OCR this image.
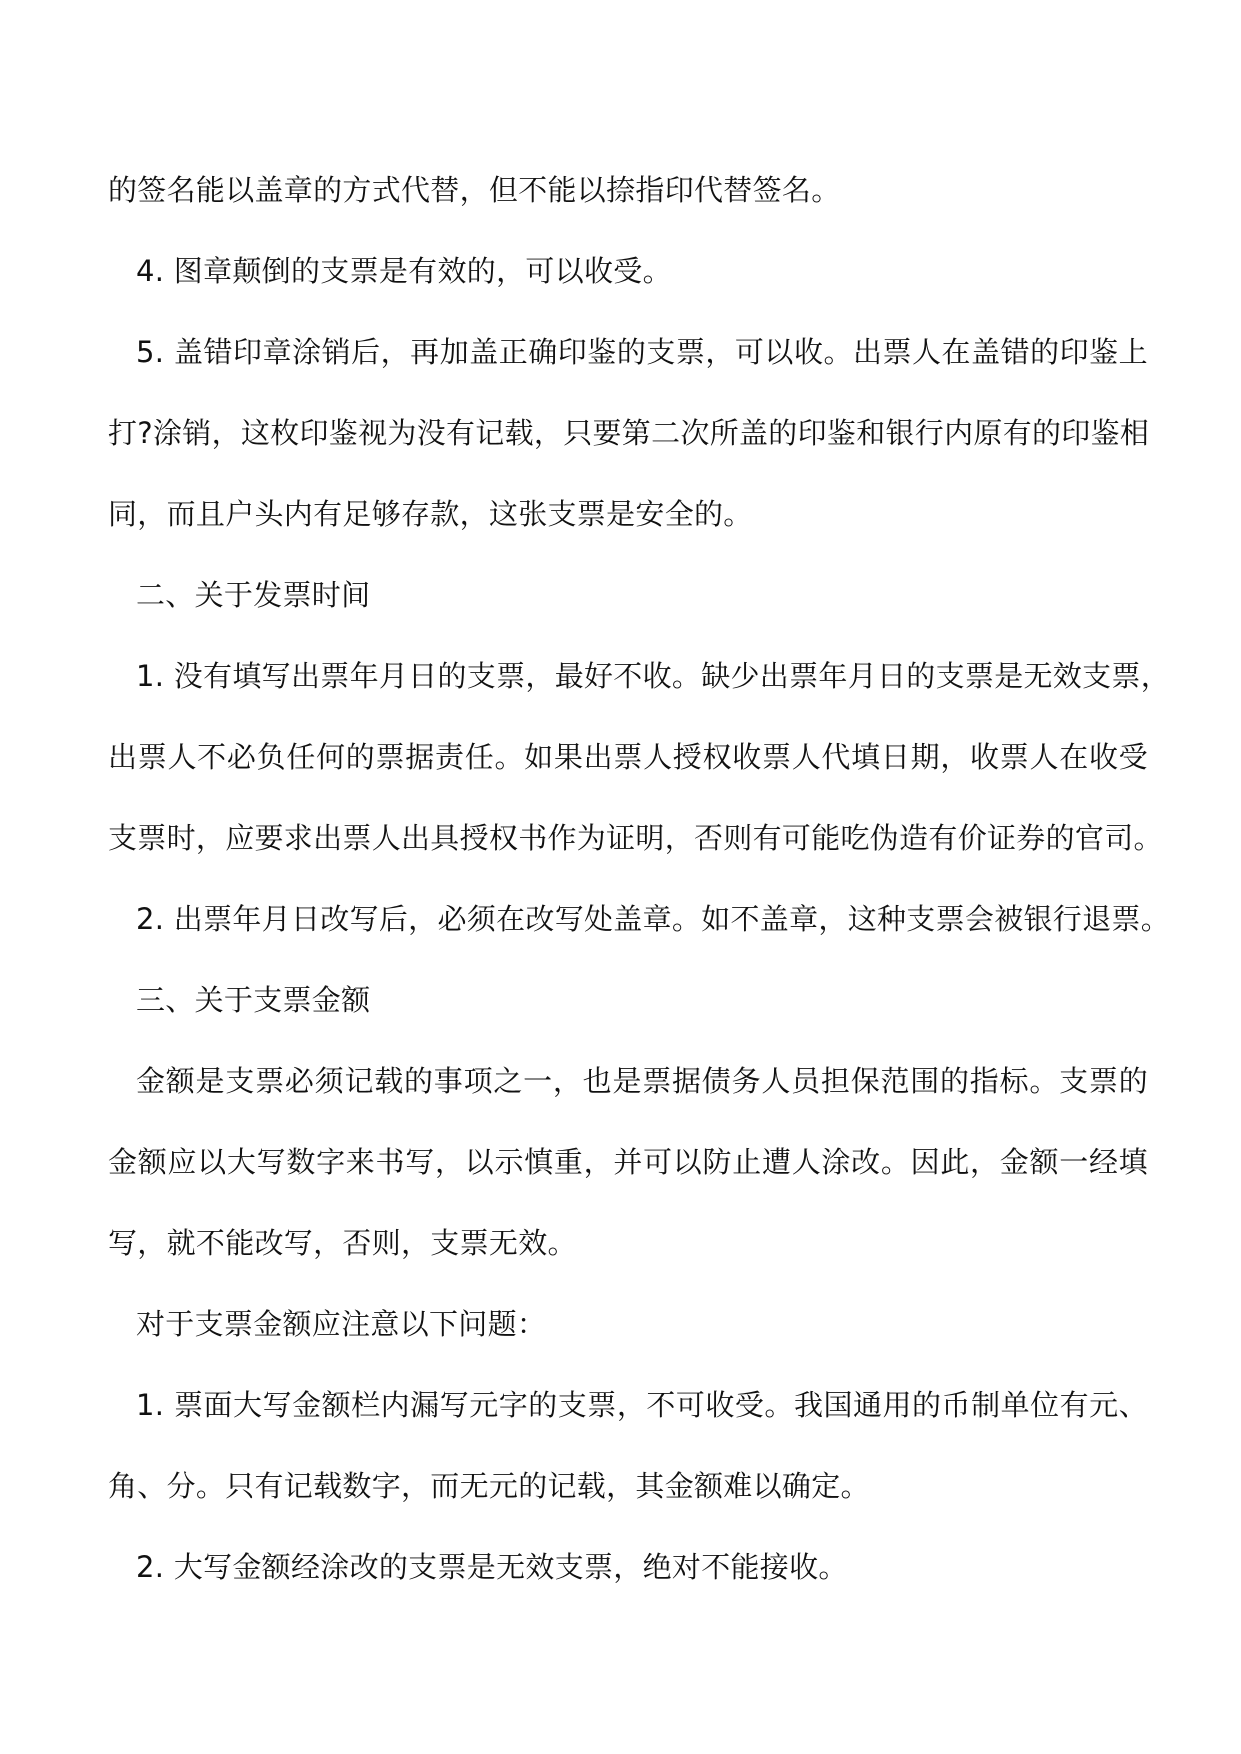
的签名能以盖章的方式代替，但不能以捺指印代替签名。
4. 图章颠倒的支票是有效的，可以收受。
5. 盖错印章涂销后，再加盖正确印鉴的支票，可以收。出票人在盖错的印鉴上
打?涂销，这枚印鉴视为没有记载，只要第二次所盖的印鉴和银行内原有的印鉴相
同，而且户头内有足够存款，这张支票是安全的。
二、关于发票时间
1. 没有填写出票年月日的支票，最好不收。缺少出票年月日的支票是无效支票，
出票人不必负任何的票据责任。如果出票人授权收票人代填日期，收票人在收受
支票时，应要求出票人出具授权书作为证明，否则有可能吃伪造有价证券的官司。
2. 出票年月日改写后，必须在改写处盖章。如不盖章，这种支票会被银行退票。
三、关于支票金额
金额是支票必须记载的事项之一，也是票据债务人员担保范围的指标。支票的
金额应以大写数字来书写，以示慎重，并可以防止遭人涂改。因此，金额一经填
写，就不能改写，否则，支票无效。
对于支票金额应注意以下问题：
1. 票面大写金额栏内漏写元字的支票，不可收受。我国通用的币制单位有元、
角、分。只有记载数字，而无元的记载，其金额难以确定。
2. 大写金额经涂改的支票是无效支票，绝对不能接收。
